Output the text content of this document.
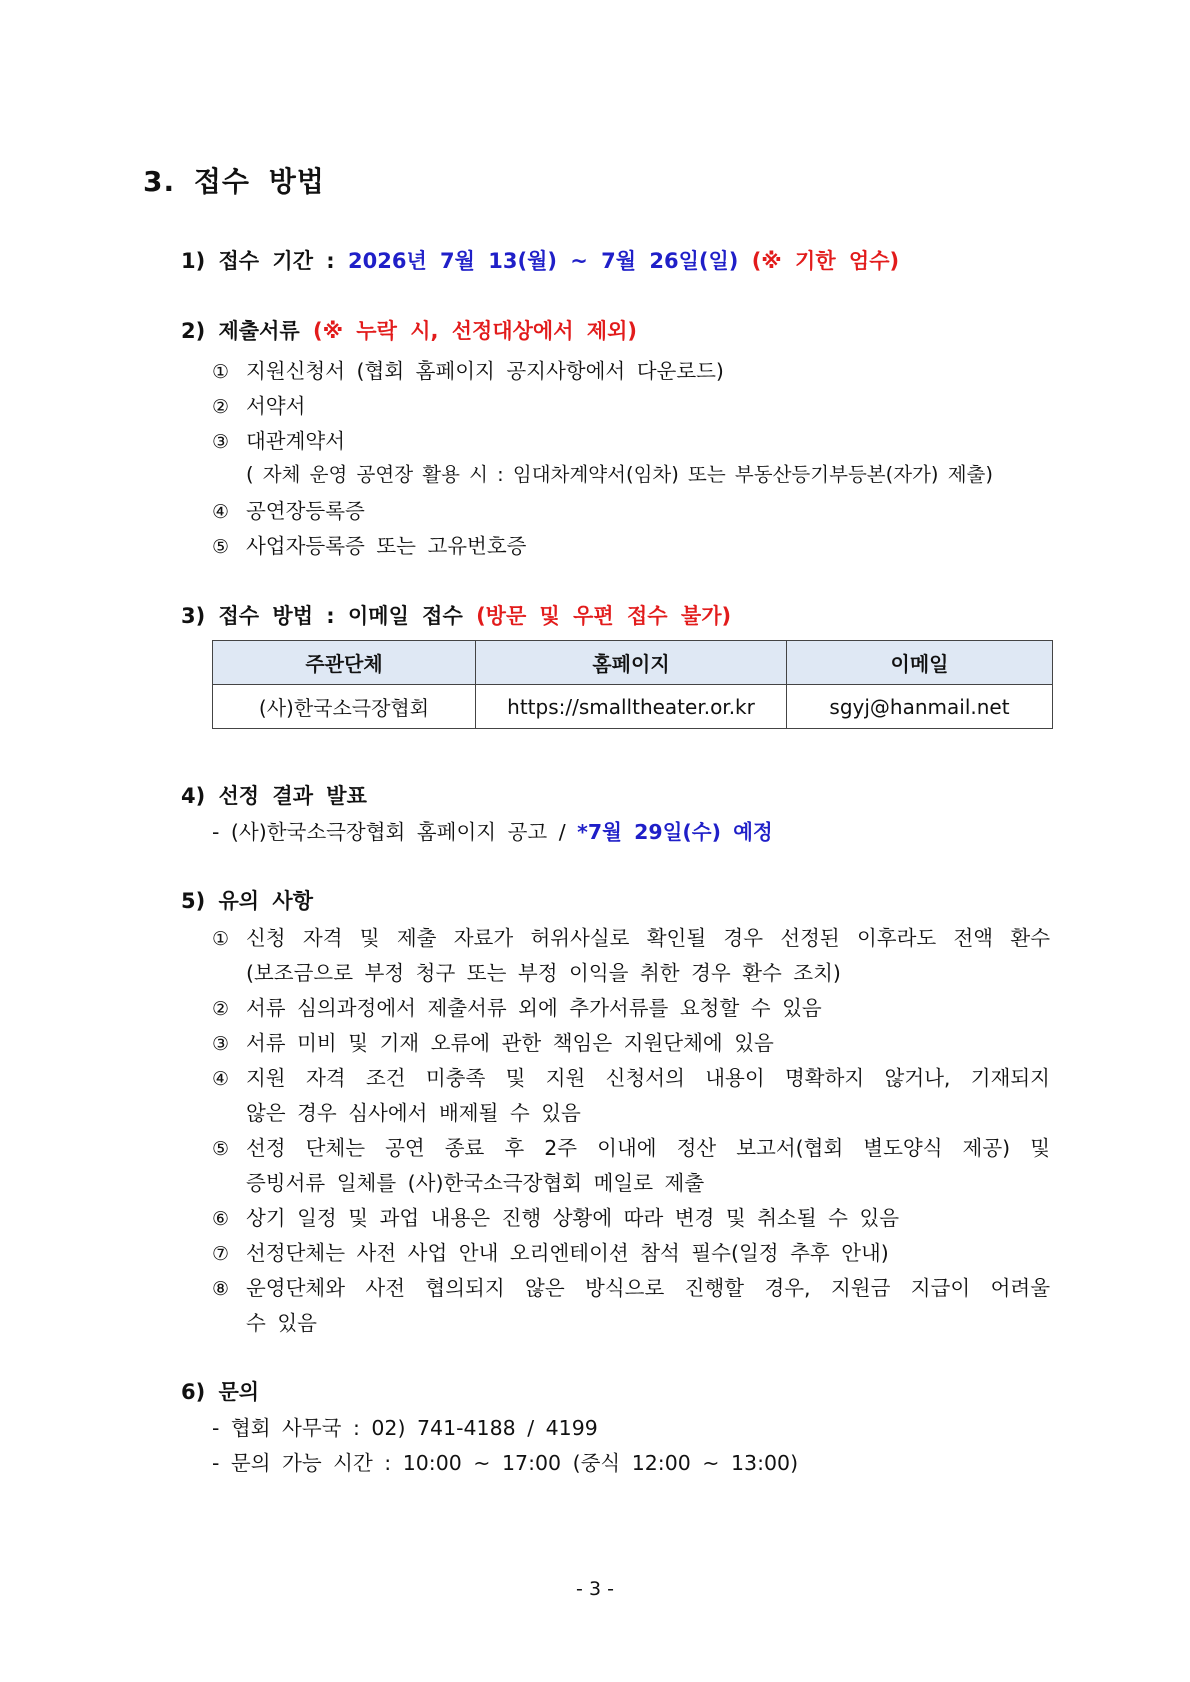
3. 접수 방법
1) 접수 기간 : 2026년 7월 13(월) ~ 7월 26일(일) (※ 기한 엄수)
2) 제출서류 (※ 누락 시, 선정대상에서 제외)
① 지원신청서 (협회 홈페이지 공지사항에서 다운로드)
② 서약서
③ 대관계약서
( 자체 운영 공연장 활용 시 : 임대차계약서(임차) 또는 부동산등기부등본(자가) 제출)
④ 공연장등록증
⑤ 사업자등록증 또는 고유번호증
3) 접수 방법 : 이메일 접수 (방문 및 우편 접수 불가)
주관단체	홈페이지	이메일
(사)한국소극장협회	https://smalltheater.or.kr	sgyj@hanmail.net
4) 선정 결과 발표
- (사)한국소극장협회 홈페이지 공고 / *7월 29일(수) 예정
5) 유의 사항
① 신청 자격 및 제출 자료가 허위사실로 확인될 경우 선정된 이후라도 전액 환수
(보조금으로 부정 청구 또는 부정 이익을 취한 경우 환수 조치)
② 서류 심의과정에서 제출서류 외에 추가서류를 요청할 수 있음
③ 서류 미비 및 기재 오류에 관한 책임은 지원단체에 있음
④ 지원 자격 조건 미충족 및 지원 신청서의 내용이 명확하지 않거나, 기재되지
않은 경우 심사에서 배제될 수 있음
⑤ 선정 단체는 공연 종료 후 2주 이내에 정산 보고서(협회 별도양식 제공) 및
증빙서류 일체를 (사)한국소극장협회 메일로 제출
⑥ 상기 일정 및 과업 내용은 진행 상황에 따라 변경 및 취소될 수 있음
⑦ 선정단체는 사전 사업 안내 오리엔테이션 참석 필수(일정 추후 안내)
⑧ 운영단체와 사전 협의되지 않은 방식으로 진행할 경우, 지원금 지급이 어려울
수 있음
6) 문의
- 협회 사무국 : 02) 741-4188 / 4199
- 문의 가능 시간 : 10:00 ~ 17:00 (중식 12:00 ~ 13:00)
- 3 -
